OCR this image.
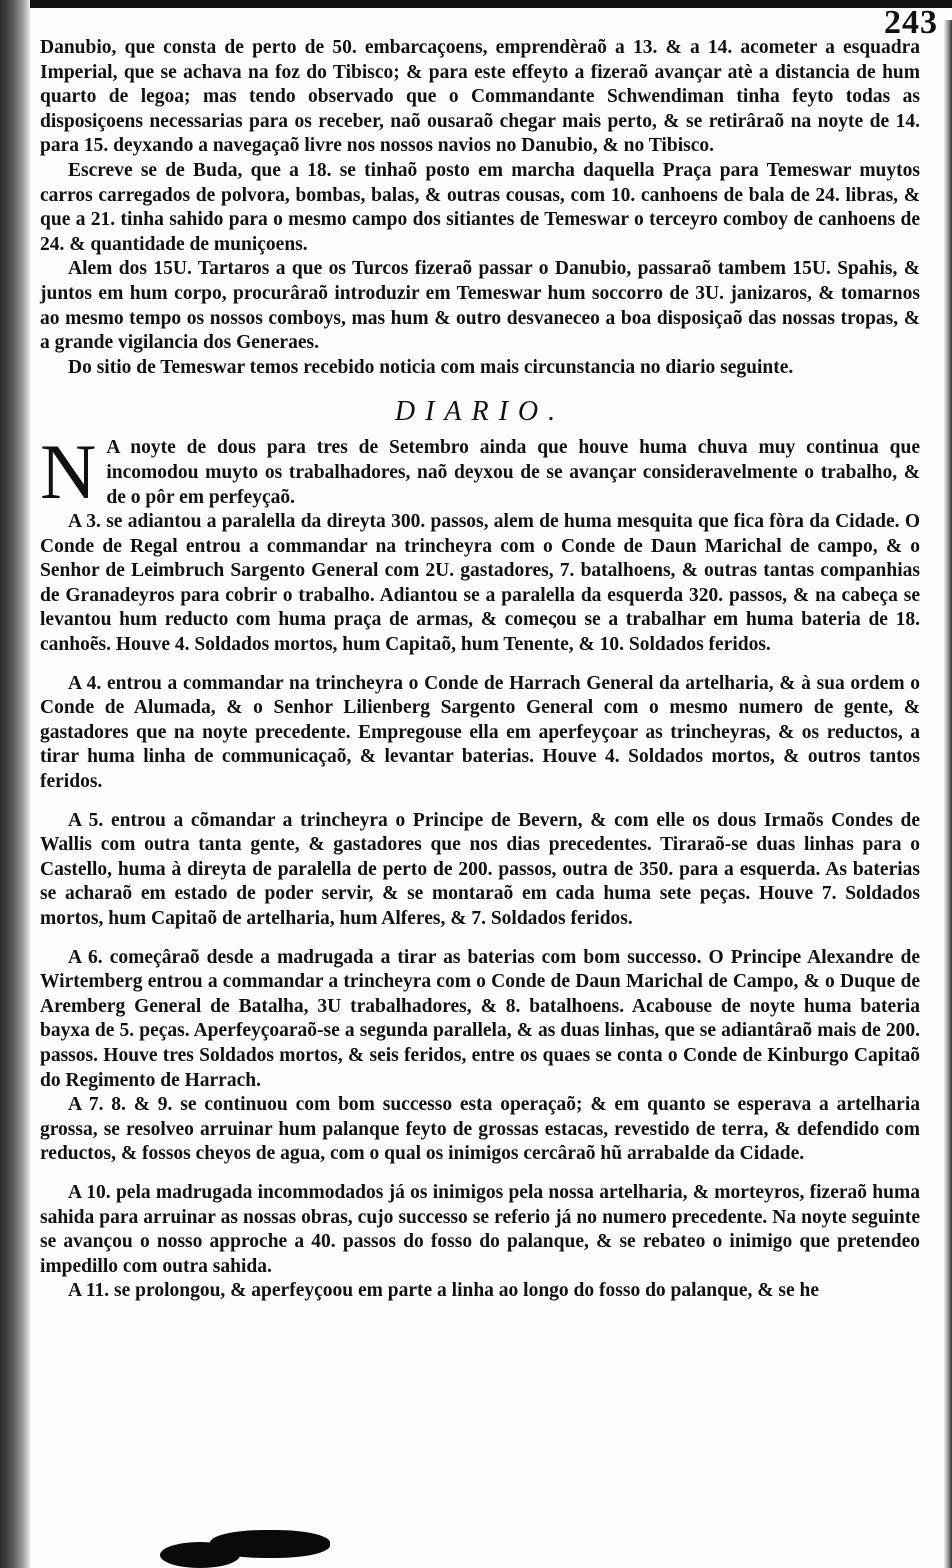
243

Danubio, que consta de perto de 50. embarcaçoens, emprendèraõ a 13. & a 14. acometer a esquadra Imperial, que se achava na foz do Tibisco; & para este effeyto a fizeraõ avançar atè a distancia de hum quarto de legoa; mas tendo observado que o Commandante Schwendiman tinha feyto todas as disposiçoens necessarias para os receber, naõ ousaraõ chegar mais perto, & se retirâraõ na noyte de 14. para 15. deyxando a navegaçaõ livre nos nossos navios no Danubio, & no Tibisco.

Escreve se de Buda, que a 18. se tinhaõ posto em marcha daquella Praça para Temeswar muytos carros carregados de polvora, bombas, balas, & outras cousas, com 10. canhoens de bala de 24. libras, & que a 21. tinha sahido para o mesmo campo dos sitiantes de Temeswar o terceyro comboy de canhoens de 24. & quantidade de muniçoens.

Alem dos 15U. Tartaros a que os Turcos fizeraõ passar o Danubio, passaraõ tambem 15U. Spahis, & juntos em hum corpo, procurâraõ introduzir em Temeswar hum soccorro de 3U. janizaros, & tomarnos ao mesmo tempo os nossos comboys, mas hum & outro desvaneceo a boa disposiçaõ das nossas tropas, & a grande vigilancia dos Generaes.

Do sitio de Temeswar temos recebido noticia com mais circunstancia no diario seguinte.

DIARIO.

N A noyte de dous para tres de Setembro ainda que houve huma chuva muy continua que incomodou muyto os trabalhadores, naõ deyxou de se avançar consideravelmente o trabalho, & de o pôr em perfeyçaõ.

A 3. se adiantou a paralella da direyta 300. passos, alem de huma mesquita que fica fòra da Cidade. O Conde de Regal entrou a commandar na trincheyra com o Conde de Daun Marichal de campo, & o Senhor de Leimbruch Sargento General com 2U. gastadores, 7. batalhoens, & outras tantas companhias de Granadeyros para cobrir o trabalho. Adiantou se a paralella da esquerda 320. passos, & na cabeça se levantou hum reducto com huma praça de armas, & comeςou se a trabalhar em huma bateria de 18. canhoẽs. Houve 4. Soldados mortos, hum Capitaõ, hum Tenente, & 10. Soldados feridos.

A 4. entrou a commandar na trincheyra o Conde de Harrach General da artelharia, & à sua ordem o Conde de Alumada, & o Senhor Lilienberg Sargento General com o mesmo numero de gente, & gastadores que na noyte precedente. Empregouse ella em aperfeyçoar as trincheyras, & os reductos, a tirar huma linha de communicaçaõ, & levantar baterias. Houve 4. Soldados mortos, & outros tantos feridos.

A 5. entrou a cõmandar a trincheyra o Principe de Bevern, & com elle os dous Irmaõs Condes de Wallis com outra tanta gente, & gastadores que nos dias precedentes. Tiraraõ-se duas linhas para o Castello, huma à direyta de paralella de perto de 200. passos, outra de 350. para a esquerda. As baterias se acharaõ em estado de poder servir, & se montaraõ em cada huma sete peças. Houve 7. Soldados mortos, hum Capitaõ de artelharia, hum Alferes, & 7. Soldados feridos.

A 6. começâraõ desde a madrugada a tirar as baterias com bom successo. O Principe Alexandre de Wirtemberg entrou a commandar a trincheyra com o Conde de Daun Marichal de Campo, & o Duque de Aremberg General de Batalha, 3U trabalhadores, & 8. batalhoens. Acabouse de noyte huma bateria bayxa de 5. peças. Aperfeyçoaraõ-se a segunda parallela, & as duas linhas, que se adiantâraõ mais de 200. passos. Houve tres Soldados mortos, & seis feridos, entre os quaes se conta o Conde de Kinburgo Capitaõ do Regimento de Harrach.

A 7. 8. & 9. se continuou com bom successo esta operaçaõ; & em quanto se esperava a artelharia grossa, se resolveo arruinar hum palanque feyto de grossas estacas, revestido de terra, & defendido com reductos, & fossos cheyos de agua, com o qual os inimigos cercâraõ hũ arrabalde da Cidade.

A 10. pela madrugada incommodados já os inimigos pela nossa artelharia, & morteyros, fizeraõ huma sahida para arruinar as nossas obras, cujo successo se referio já no numero precedente. Na noyte seguinte se avançou o nosso approche a 40. passos do fosso do palanque, & se rebateo o inimigo que pretendeo impedillo com outra sahida.

A 11. se prolongou, & aperfeyçoou em parte a linha ao longo do fosso do palanque, & se he
